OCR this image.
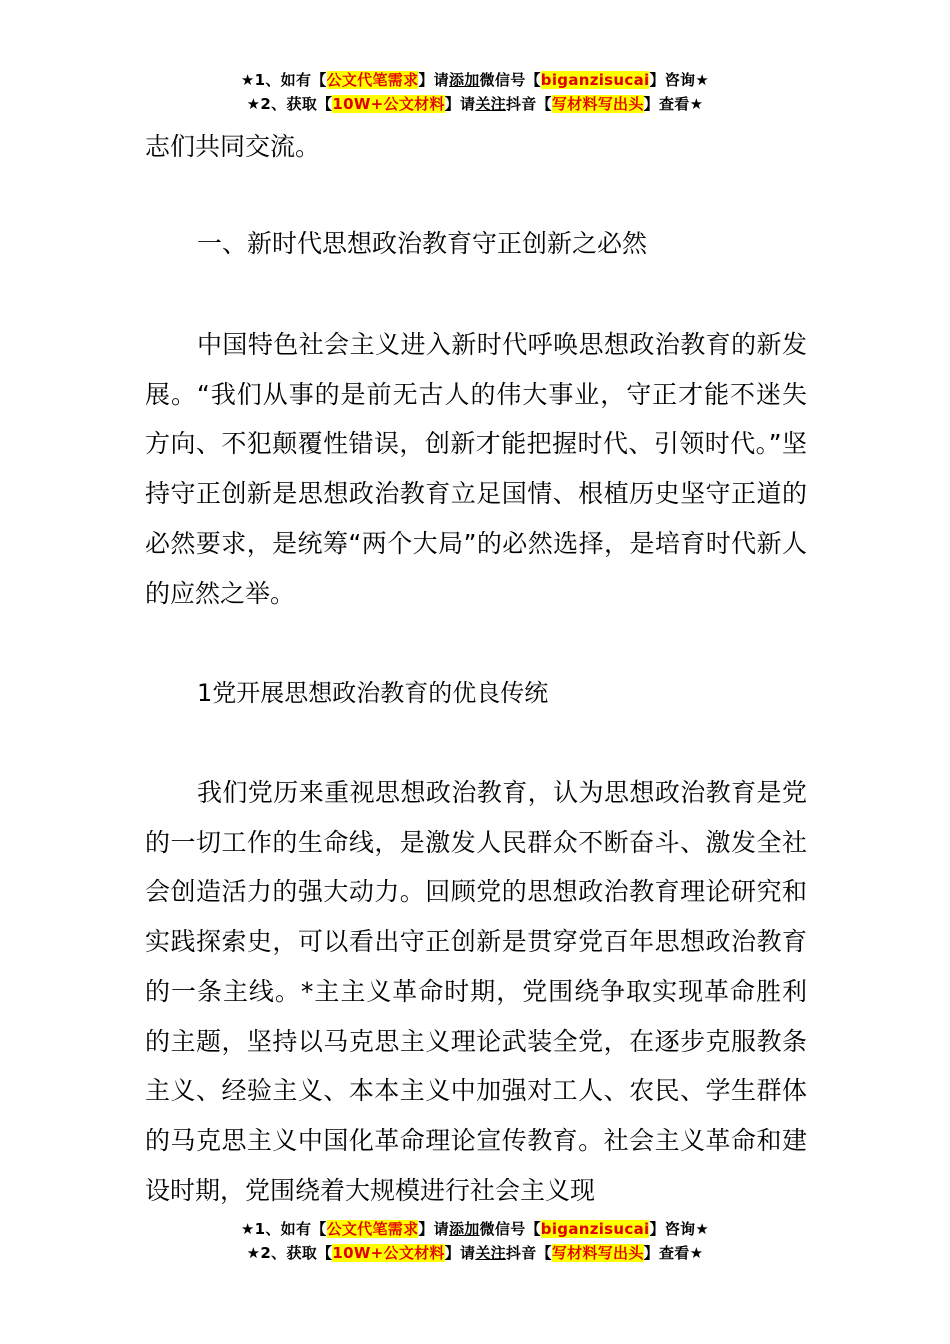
★1、如有【公文代笔需求】请添加微信号【biganzisucai】咨询★
★2、获取【10W+公文材料】请关注抖音【写材料写出头】查看★
志们共同交流。
一、新时代思想政治教育守正创新之必然
中国特色社会主义进入新时代呼唤思想政治教育的新发展。“我们从事的是前无古人的伟大事业，守正才能不迷失方向、不犯颠覆性错误，创新才能把握时代、引领时代。”坚持守正创新是思想政治教育立足国情、根植历史坚守正道的必然要求，是统筹“两个大局”的必然选择，是培育时代新人的应然之举。
1党开展思想政治教育的优良传统
我们党历来重视思想政治教育，认为思想政治教育是党的一切工作的生命线，是激发人民群众不断奋斗、激发全社会创造活力的强大动力。回顾党的思想政治教育理论研究和实践探索史，可以看出守正创新是贯穿党百年思想政治教育的一条主线。*主主义革命时期，党围绕争取实现革命胜利的主题，坚持以马克思主义理论武装全党，在逐步克服教条主义、经验主义、本本主义中加强对工人、农民、学生群体的马克思主义中国化革命理论宣传教育。社会主义革命和建设时期，党围绕着大规模进行社会主义现
★1、如有【公文代笔需求】请添加微信号【biganzisucai】咨询★
★2、获取【10W+公文材料】请关注抖音【写材料写出头】查看★
